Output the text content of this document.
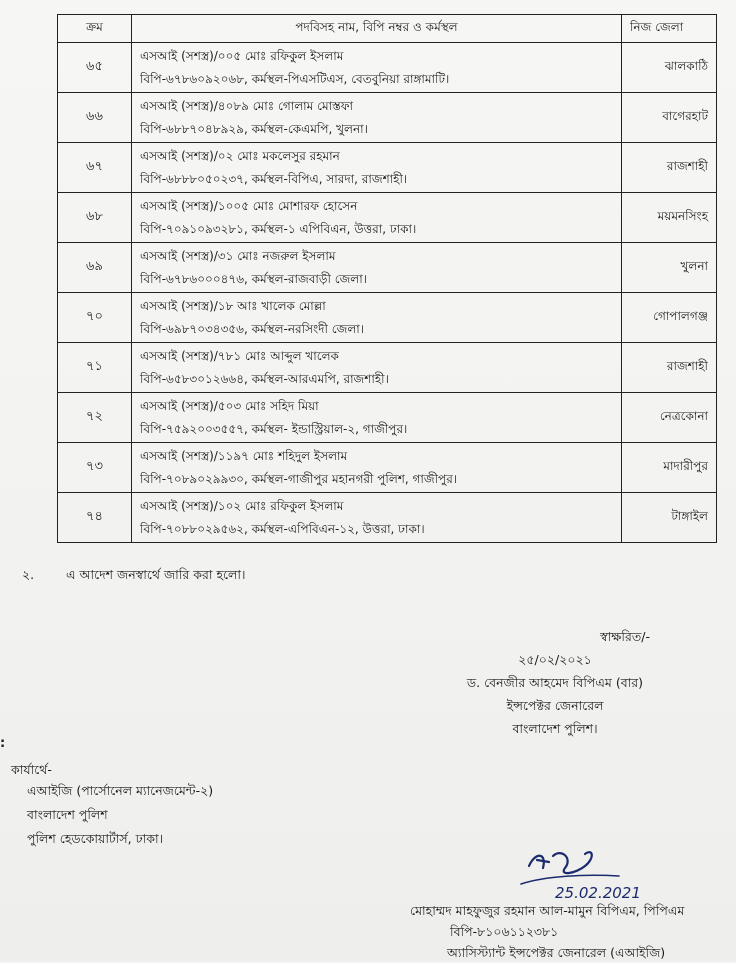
ক্রম	পদবিসহ নাম, বিপি নম্বর ও কর্মস্থল	নিজ জেলা
৬৫	এসআই (সশস্ত্র)/০০৫ মোঃ রফিকুল ইসলাম
বিপি-৬৭৮৬০৯২০৬৮, কর্মস্থল-পিএসটিএস, বেতবুনিয়া রাঙ্গামাটি।	ঝালকাঠি
৬৬	এসআই (সশস্ত্র)/৪০৮৯ মোঃ গোলাম মোস্তফা
বিপি-৬৮৮৭০৪৮৯২৯, কর্মস্থল-কেএমপি, খুলনা।	বাগেরহাট
৬৭	এসআই (সশস্ত্র)/০২ মোঃ মকলেসুর রহমান
বিপি-৬৮৮৮০৫০২৩৭, কর্মস্থল-বিপিএ, সারদা, রাজশাহী।	রাজশাহী
৬৮	এসআই (সশস্ত্র)/১০০৫ মোঃ মোশারফ হোসেন
বিপি-৭০৯১০৯৩২৮১, কর্মস্থল-১ এপিবিএন, উত্তরা, ঢাকা।	ময়মনসিংহ
৬৯	এসআই (সশস্ত্র)/৩১ মোঃ নজরুল ইসলাম
বিপি-৬৭৮৬০০০৪৭৬, কর্মস্থল-রাজবাড়ী জেলা।	খুলনা
৭০	এসআই (সশস্ত্র)/১৮ আঃ খালেক মোল্লা
বিপি-৬৯৮৭০৩৪৩৫৬, কর্মস্থল-নরসিংদী জেলা।	গোপালগঞ্জ
৭১	এসআই (সশস্ত্র)/৭৮১ মোঃ আব্দুল খালেক
বিপি-৬৫৮৩০১২৬৬৪, কর্মস্থল-আরএমপি, রাজশাহী।	রাজশাহী
৭২	এসআই (সশস্ত্র)/৫০৩ মোঃ সহিদ মিয়া
বিপি-৭৫৯২০০৩৫৫৭, কর্মস্থল- ইন্ডাস্ট্রিয়াল-২, গাজীপুর।	নেত্রকোনা
৭৩	এসআই (সশস্ত্র)/১১৯৭ মোঃ শহিদুল ইসলাম
বিপি-৭০৮৯০২৯৯৩০, কর্মস্থল-গাজীপুর মহানগরী পুলিশ, গাজীপুর।	মাদারীপুর
৭৪	এসআই (সশস্ত্র)/১০২ মোঃ রফিকুল ইসলাম
বিপি-৭০৮৮০২৯৫৬২, কর্মস্থল-এপিবিএন-১২, উত্তরা, ঢাকা।	টাঙ্গাইল
২.	এ আদেশ জনস্বার্থে জারি করা হলো।
স্বাক্ষরিত/-
২৫/০২/২০২১
ড. বেনজীর আহমেদ বিপিএম (বার)
ইন্সপেক্টর জেনারেল
বাংলাদেশ পুলিশ।
:
কার্যার্থে-
এআইজি (পার্সোনেল ম্যানেজমেন্ট-২)
বাংলাদেশ পুলিশ
পুলিশ হেডকোয়ার্টার্স, ঢাকা।
25.02.2021
মোহাম্মদ মাহফুজুর রহমান আল-মামুন বিপিএম, পিপিএম
বিপি-৮১০৬১১২৩৮১
অ্যাসিস্ট্যান্ট ইন্সপেক্টর জেনারেল (এআইজি)
